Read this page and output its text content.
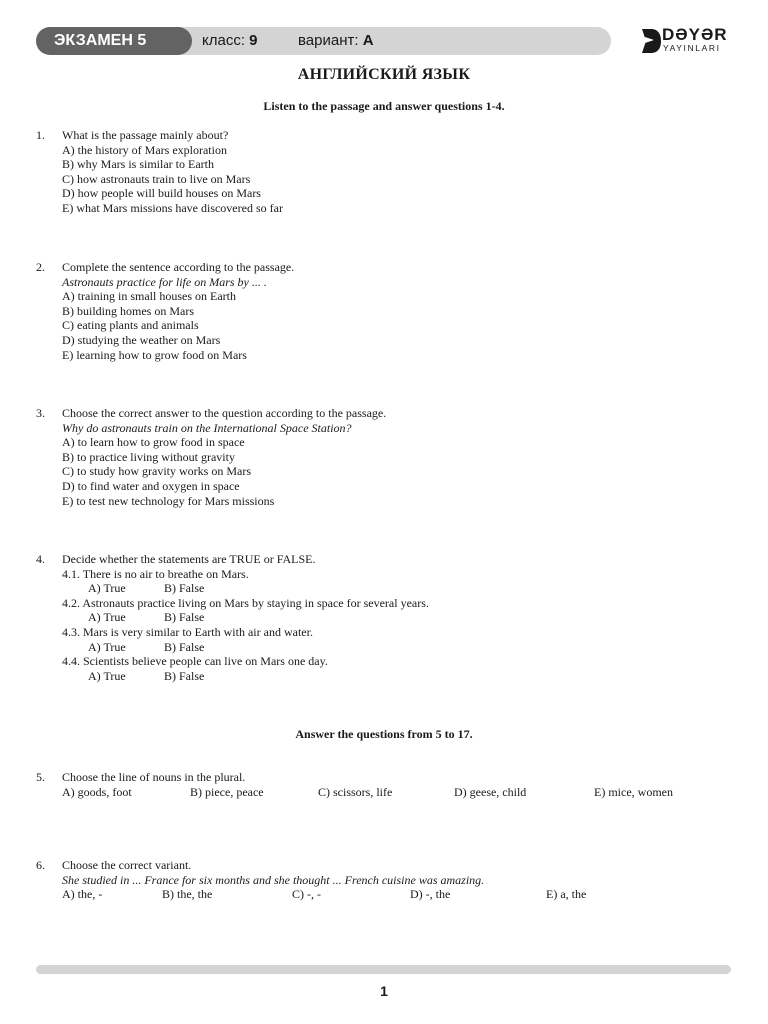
ЭКЗАМЕН 5	класс: 9	вариант: A	DƏYƏR
YAYINLARI
АНГЛИЙСКИЙ ЯЗЫК
Listen to the passage and answer questions 1-4.
1. What is the passage mainly about?
A) the history of Mars exploration
B) why Mars is similar to Earth
C) how astronauts train to live on Mars
D) how people will build houses on Mars
E) what Mars missions have discovered so far
2. Complete the sentence according to the passage.
Astronauts practice for life on Mars by ... .
A) training in small houses on Earth
B) building homes on Mars
C) eating plants and animals
D) studying the weather on Mars
E) learning how to grow food on Mars
3. Choose the correct answer to the question according to the passage.
Why do astronauts train on the International Space Station?
A) to learn how to grow food in space
B) to practice living without gravity
C) to study how gravity works on Mars
D) to find water and oxygen in space
E) to test new technology for Mars missions
4. Decide whether the statements are TRUE or FALSE.
4.1. There is no air to breathe on Mars.
A) True	B) False
4.2. Astronauts practice living on Mars by staying in space for several years.
A) True	B) False
4.3. Mars is very similar to Earth with air and water.
A) True	B) False
4.4. Scientists believe people can live on Mars one day.
A) True	B) False
Answer the questions from 5 to 17.
5. Choose the line of nouns in the plural.
A) goods, foot	B) piece, peace	C) scissors, life	D) geese, child	E) mice, women
6. Choose the correct variant.
She studied in ... France for six months and she thought ... French cuisine was amazing.
A) the, -	B) the, the	C) -, -	D) -, the	E) a, the
1
